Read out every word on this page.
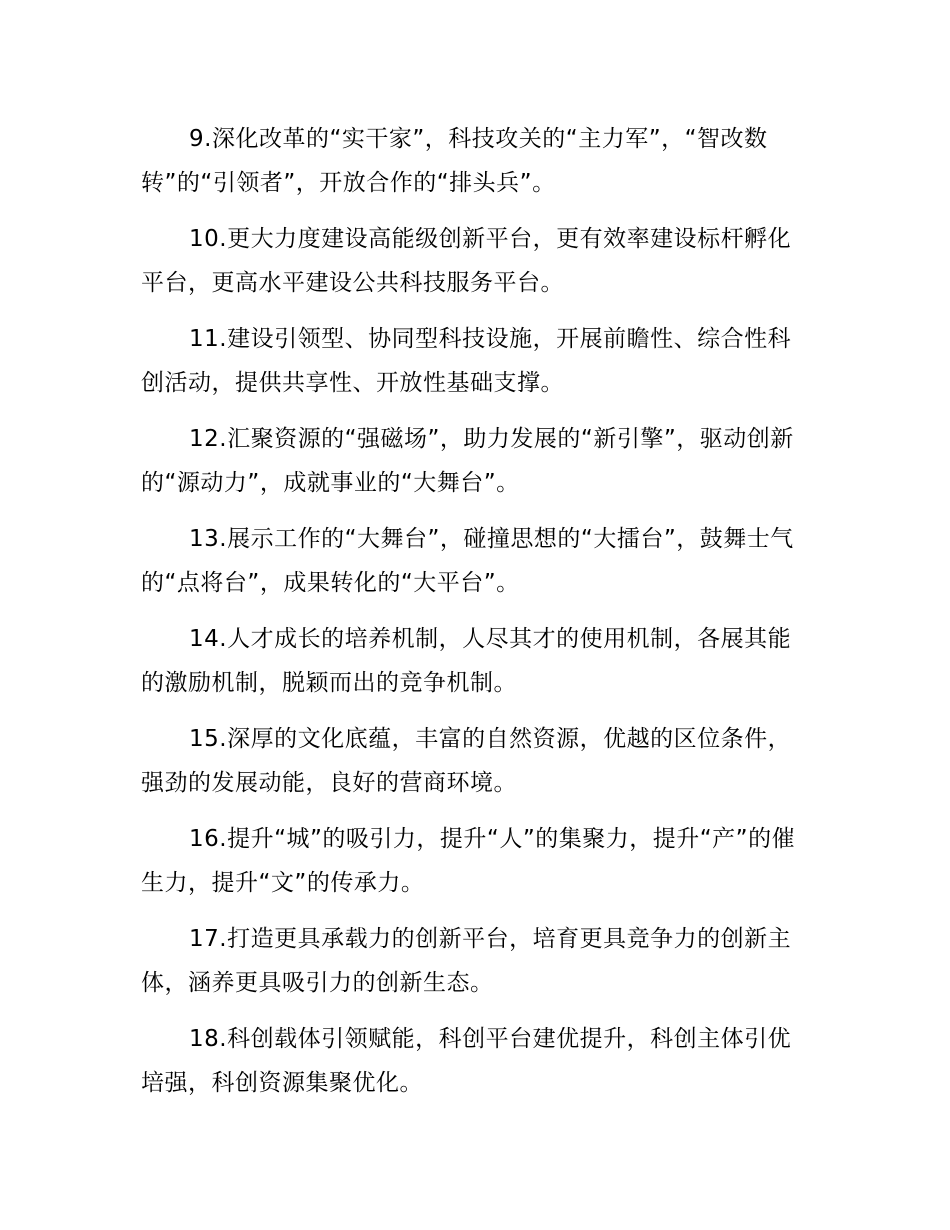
9.深化改革的“实干家”，科技攻关的“主力军”，“智改数转”的“引领者”，开放合作的“排头兵”。

10.更大力度建设高能级创新平台，更有效率建设标杆孵化平台，更高水平建设公共科技服务平台。

11.建设引领型、协同型科技设施，开展前瞻性、综合性科创活动，提供共享性、开放性基础支撑。

12.汇聚资源的“强磁场”，助力发展的“新引擎”，驱动创新的“源动力”，成就事业的“大舞台”。

13.展示工作的“大舞台”，碰撞思想的“大擂台”，鼓舞士气的“点将台”，成果转化的“大平台”。

14.人才成长的培养机制，人尽其才的使用机制，各展其能的激励机制，脱颖而出的竞争机制。

15.深厚的文化底蕴，丰富的自然资源，优越的区位条件，强劲的发展动能，良好的营商环境。

16.提升“城”的吸引力，提升“人”的集聚力，提升“产”的催生力，提升“文”的传承力。

17.打造更具承载力的创新平台，培育更具竞争力的创新主体，涵养更具吸引力的创新生态。

18.科创载体引领赋能，科创平台建优提升，科创主体引优培强，科创资源集聚优化。
